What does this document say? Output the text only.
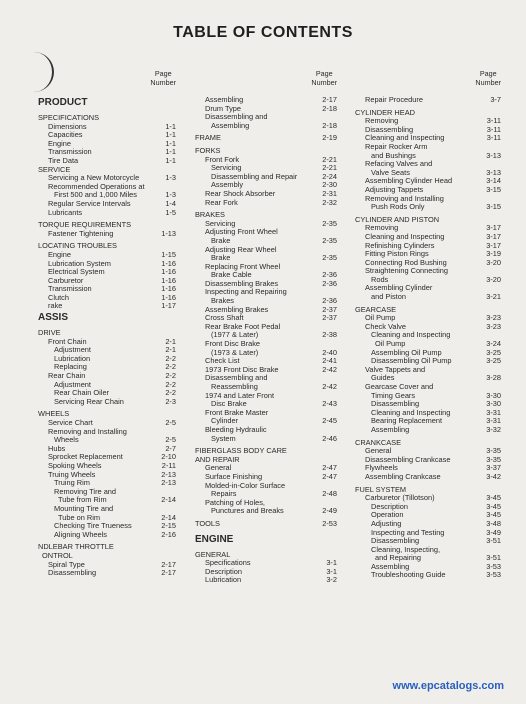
TABLE OF CONTENTS
Page
Number
PRODUCT
SPECIFICATIONS
Dimensions	1-1
Capacities	1-1
Engine	1-1
Transmission	1-1
Tire Data	1-1
SERVICE
Servicing a New Motorcycle	1-3
Recommended Operations at
First 500 and 1,000 Miles	1-3
Regular Service Intervals	1-4
Lubricants	1-5
TORQUE REQUIREMENTS
Fastener Tightening	1-13
LOCATING TROUBLES
Engine	1-15
Lubrication System	1-16
Electrical System	1-16
Carburetor	1-16
Transmission	1-16
Clutch	1-16
rake	1-17
ASSIS
DRIVE
Front Chain	2-1
Adjustment	2-1
Lubrication	2-2
Replacing	2-2
Rear Chain	2-2
Adjustment	2-2
Rear Chain Oiler	2-2
Servicing Rear Chain	2-3
WHEELS
Service Chart	2-5
Removing and Installing
Wheels	2-5
Hubs	2-7
Sprocket Replacement	2-10
Spoking Wheels	2-11
Truing Wheels	2-13
Truing Rim	2-13
Removing Tire and
Tube from Rim	2-14
Mounting Tire and
Tube on Rim	2-14
Checking Tire Trueness	2-15
Aligning Wheels	2-16
NDLEBAR THROTTLE
ONTROL
Spiral Type	2-17
Disassembling	2-17
Page
Number
Assembling	2-17
Drum Type	2-18
Disassembling and
Assembling	2-18
FRAME	2-19
FORKS
Front Fork	2-21
Servicing	2-21
Disassembling and Repair	2-24
Assembly	2-30
Rear Shock Absorber	2-31
Rear Fork	2-32
BRAKES
Servicing	2-35
Adjusting Front Wheel
Brake	2-35
Adjusting Rear Wheel
Brake	2-35
Replacing Front Wheel
Brake Cable	2-36
Disassembling Brakes	2-36
Inspecting and Repairing
Brakes	2-36
Assembling Brakes	2-37
Cross Shaft	2-37
Rear Brake Foot Pedal
(1977 & Later)	2-38
Front Disc Brake
(1973 & Later)	2-40
Check List	2-41
1973 Front Disc Brake	2-42
Disassembling and
Reassembling	2-42
1974 and Later Front
Disc Brake	2-43
Front Brake Master
Cylinder	2-45
Bleeding Hydraulic
System	2-46
FIBERGLASS BODY CARE
AND REPAIR
General	2-47
Surface Finishing	2-47
Molded-in-Color Surface
Repairs	2-48
Patching of Holes,
Punctures and Breaks	2-49
TOOLS	2-53
ENGINE
GENERAL
Specifications	3-1
Description	3-1
Lubrication	3-2
Page
Number
Repair Procedure	3-7
CYLINDER HEAD
Removing	3-11
Disassembling	3-11
Cleaning and Inspecting	3-11
Repair Rocker Arm
and Bushings	3-13
Refacing Valves and
Valve Seats	3-13
Assembling Cylinder Head	3-14
Adjusting Tappets	3-15
Removing and Installing
Push Rods Only	3-15
CYLINDER AND PISTON
Removing	3-17
Cleaning and Inspecting	3-17
Refinishing Cylinders	3-17
Fitting Piston Rings	3-19
Connecting Rod Bushing	3-20
Straightening Connecting
Rods	3-20
Assembling Cylinder
and Piston	3-21
GEARCASE
Oil Pump	3-23
Check Valve	3-23
Cleaning and Inspecting
Oil Pump	3-24
Assembling Oil Pump	3-25
Disassembling Oil Pump	3-25
Valve Tappets and
Guides	3-28
Gearcase Cover and
Timing Gears	3-30
Disassembling	3-30
Cleaning and Inspecting	3-31
Bearing Replacement	3-31
Assembling	3-32
CRANKCASE
General	3-35
Disassembling Crankcase	3-35
Flywheels	3-37
Assembling Crankcase	3-42
FUEL SYSTEM
Carburetor (Tillotson)	3-45
Description	3-45
Operation	3-45
Adjusting	3-48
Inspecting and Testing	3-49
Disassembling	3-51
Cleaning, Inspecting,
and Repairing	3-51
Assembling	3-53
Troubleshooting Guide	3-53
www.epcatalogs.com
